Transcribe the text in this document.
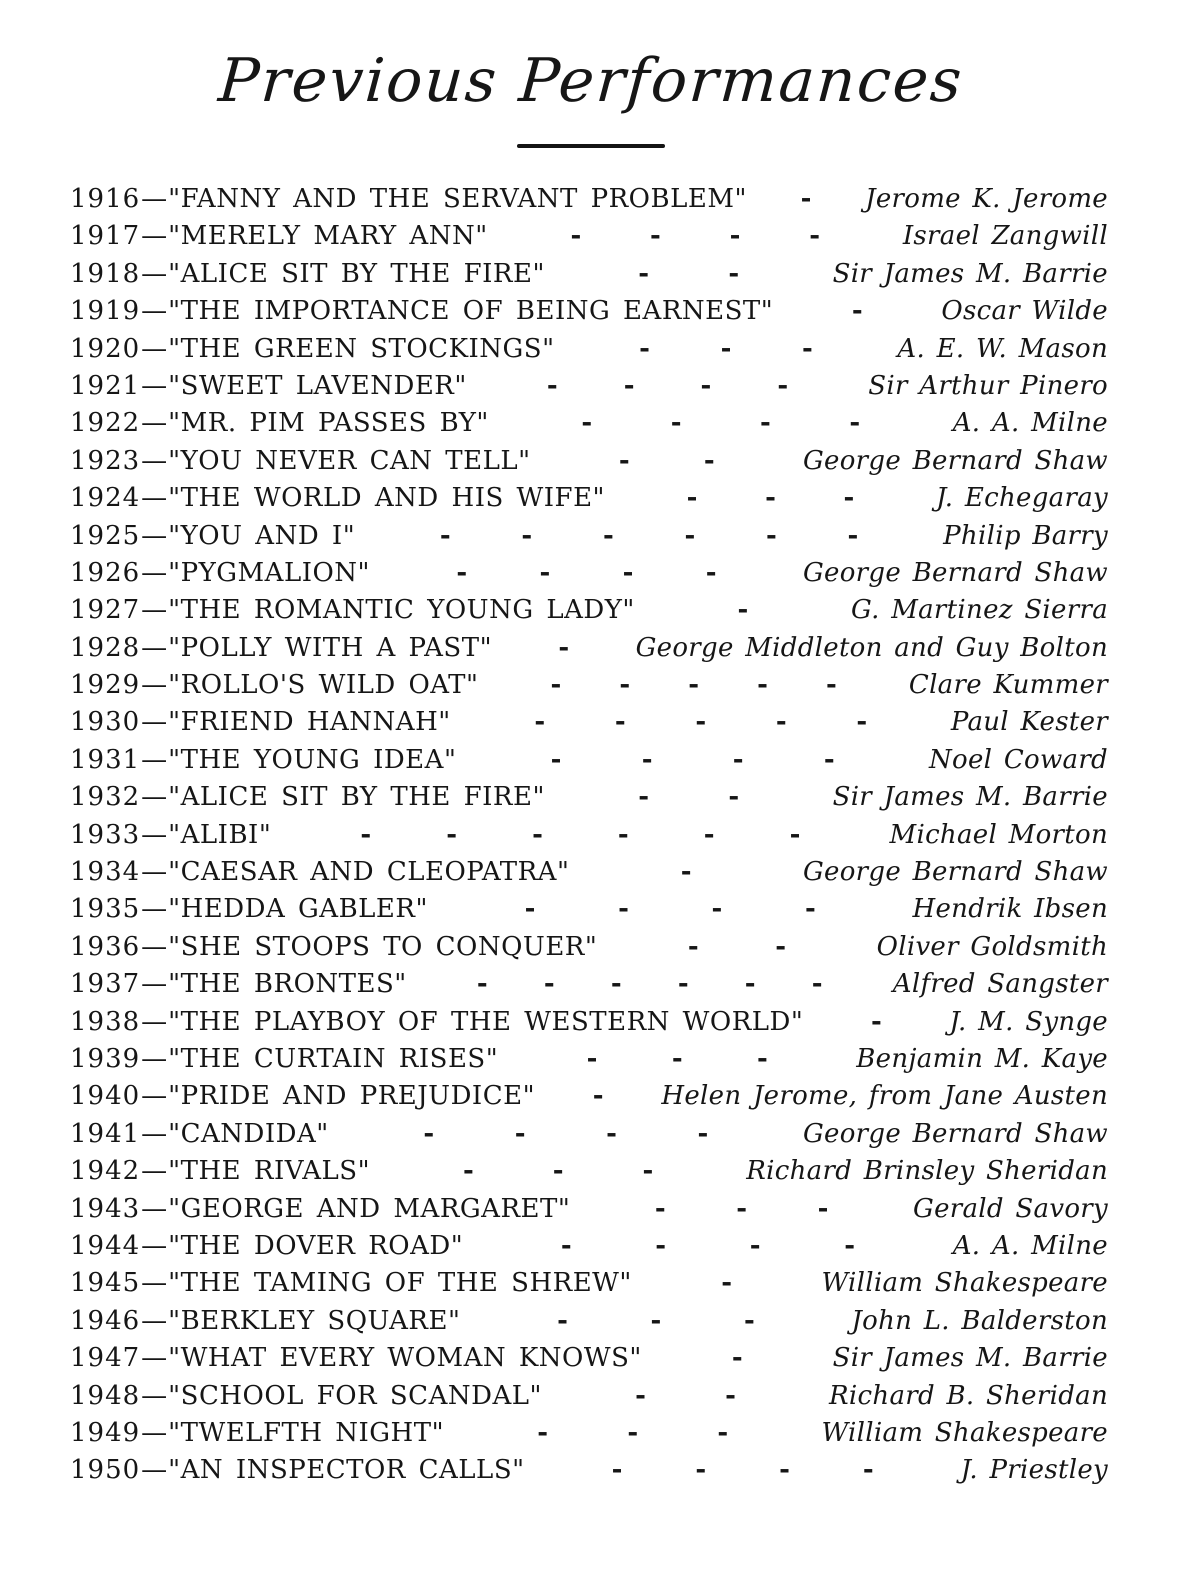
Previous Performances
1916 — "FANNY AND THE SERVANT PROBLEM" - Jerome K. Jerome
1917 — "MERELY MARY ANN"	-	-	-	-	Israel Zangwill
1918 — "ALICE SIT BY THE FIRE"	-	-	Sir James M. Barrie
1919 — "THE IMPORTANCE OF BEING EARNEST"	-	Oscar Wilde
1920 — "THE GREEN STOCKINGS"	-	-	-	A. E. W. Mason
1921 — "SWEET LAVENDER"	-	-	-	-	Sir Arthur Pinero
1922 — "MR. PIM PASSES BY"	-	-	-	-	A. A. Milne
1923 — "YOU NEVER CAN TELL"	-	-	George Bernard Shaw
1924 — "THE WORLD AND HIS WIFE"	-	-	-	J. Echegaray
1925 — "YOU AND I"	-	-	-	-	-	-	Philip Barry
1926 — "PYGMALION"	-	-	-	-	George Bernard Shaw
1927 — "THE ROMANTIC YOUNG LADY"	-	G. Martinez Sierra
1928 — "POLLY WITH A PAST"	-	George Middleton and Guy Bolton
1929 — "ROLLO'S WILD OAT"	- - - - -	Clare Kummer
1930 — "FRIEND HANNAH"	-	-	-	-	-	Paul Kester
1931 — "THE YOUNG IDEA"	-	-	-	-	Noel Coward
1932 — "ALICE SIT BY THE FIRE"	-	-	Sir James M. Barrie
1933 — "ALIBI"	-	-	-	-	-	-	Michael Morton
1934 — "CAESAR AND CLEOPATRA"	-	George Bernard Shaw
1935 — "HEDDA GABLER"	-	-	-	-	Hendrik Ibsen
1936 — "SHE STOOPS TO CONQUER"	-	-	Oliver Goldsmith
1937 — "THE BRONTES"	- - - - - -	Alfred Sangster
1938 — "THE PLAYBOY OF THE WESTERN WORLD"	-	J. M. Synge
1939 — "THE CURTAIN RISES"	-	-	-	Benjamin M. Kaye
1940 — "PRIDE AND PREJUDICE" - Helen Jerome, from Jane Austen
1941 — "CANDIDA"	-	-	-	-	George Bernard Shaw
1942 — "THE RIVALS"	-	-	-	Richard Brinsley Sheridan
1943 — "GEORGE AND MARGARET"	-	-	-	Gerald Savory
1944 — "THE DOVER ROAD"	-	-	-	-	A. A. Milne
1945 — "THE TAMING OF THE SHREW"	-	William Shakespeare
1946 — "BERKLEY SQUARE"	-	-	-	John L. Balderston
1947 — "WHAT EVERY WOMAN KNOWS"	-	Sir James M. Barrie
1948 — "SCHOOL FOR SCANDAL"	-	-	Richard B. Sheridan
1949 — "TWELFTH NIGHT"	-	-	-	William Shakespeare
1950 — "AN INSPECTOR CALLS"	-	-	-	-	J. Priestley
